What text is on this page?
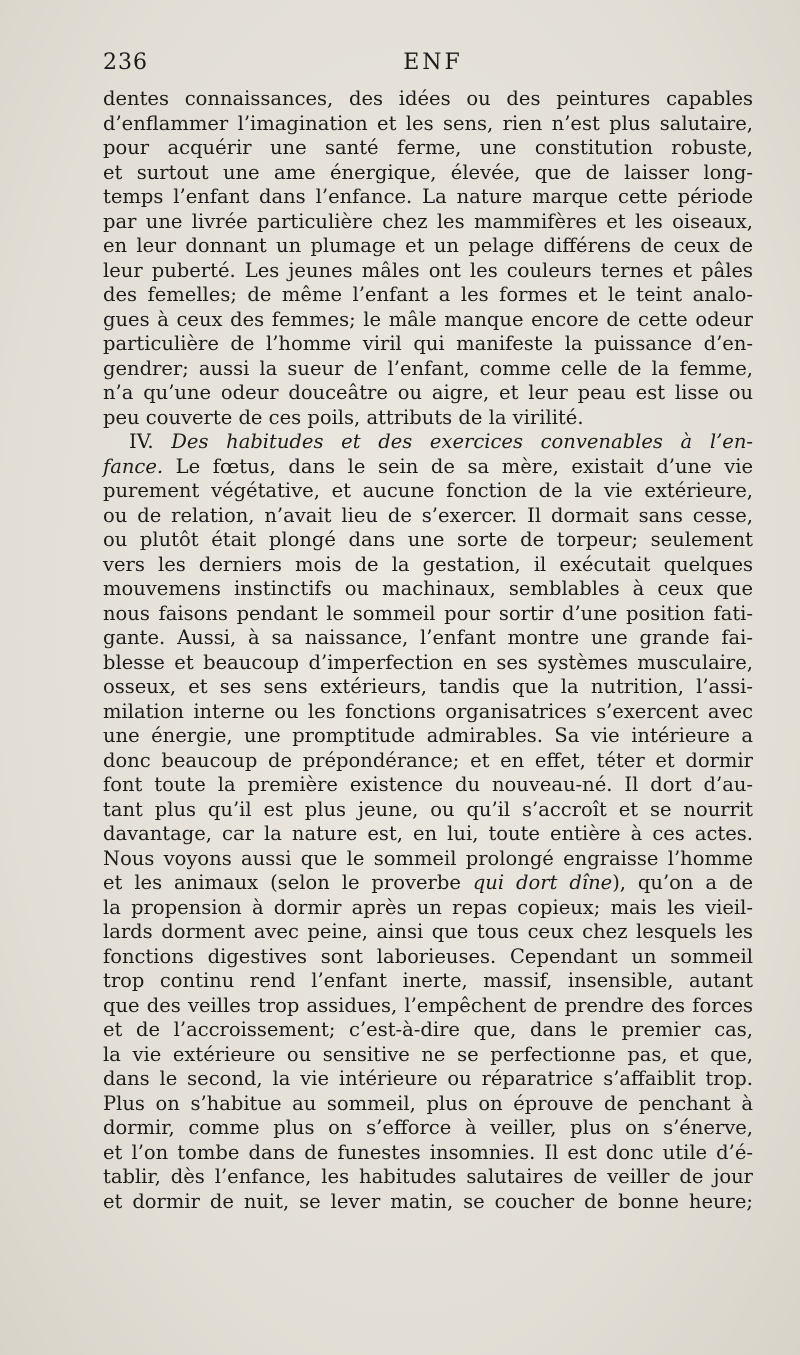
236	ENF
dentes connaissances, des idées ou des peintures capables
d’enflammer l’imagination et les sens, rien n’est plus salutaire,
pour acquérir une santé ferme, une constitution robuste,
et surtout une ame énergique, élevée, que de laisser long-
temps l’enfant dans l’enfance. La nature marque cette période
par une livrée particulière chez les mammifères et les oiseaux,
en leur donnant un plumage et un pelage différens de ceux de
leur puberté. Les jeunes mâles ont les couleurs ternes et pâles
des femelles; de même l’enfant a les formes et le teint analo-
gues à ceux des femmes; le mâle manque encore de cette odeur
particulière de l’homme viril qui manifeste la puissance d’en-
gendrer; aussi la sueur de l’enfant, comme celle de la femme,
n’a qu’une odeur douceâtre ou aigre, et leur peau est lisse ou
peu couverte de ces poils, attributs de la virilité.
IV. Des habitudes et des exercices convenables à l’en-
fance. Le fœtus, dans le sein de sa mère, existait d’une vie
purement végétative, et aucune fonction de la vie extérieure,
ou de relation, n’avait lieu de s’exercer. Il dormait sans cesse,
ou plutôt était plongé dans une sorte de torpeur; seulement
vers les derniers mois de la gestation, il exécutait quelques
mouvemens instinctifs ou machinaux, semblables à ceux que
nous faisons pendant le sommeil pour sortir d’une position fati-
gante. Aussi, à sa naissance, l’enfant montre une grande fai-
blesse et beaucoup d’imperfection en ses systèmes musculaire,
osseux, et ses sens extérieurs, tandis que la nutrition, l’assi-
milation interne ou les fonctions organisatrices s’exercent avec
une énergie, une promptitude admirables. Sa vie intérieure a
donc beaucoup de prépondérance; et en effet, téter et dormir
font toute la première existence du nouveau-né. Il dort d’au-
tant plus qu’il est plus jeune, ou qu’il s’accroît et se nourrit
davantage, car la nature est, en lui, toute entière à ces actes.
Nous voyons aussi que le sommeil prolongé engraisse l’homme
et les animaux (selon le proverbe qui dort dîne), qu’on a de
la propension à dormir après un repas copieux; mais les vieil-
lards dorment avec peine, ainsi que tous ceux chez lesquels les
fonctions digestives sont laborieuses. Cependant un sommeil
trop continu rend l’enfant inerte, massif, insensible, autant
que des veilles trop assidues, l’empêchent de prendre des forces
et de l’accroissement; c’est-à-dire que, dans le premier cas,
la vie extérieure ou sensitive ne se perfectionne pas, et que,
dans le second, la vie intérieure ou réparatrice s’affaiblit trop.
Plus on s’habitue au sommeil, plus on éprouve de penchant à
dormir, comme plus on s’efforce à veiller, plus on s’énerve,
et l’on tombe dans de funestes insomnies. Il est donc utile d’é-
tablir, dès l’enfance, les habitudes salutaires de veiller de jour
et dormir de nuit, se lever matin, se coucher de bonne heure;
